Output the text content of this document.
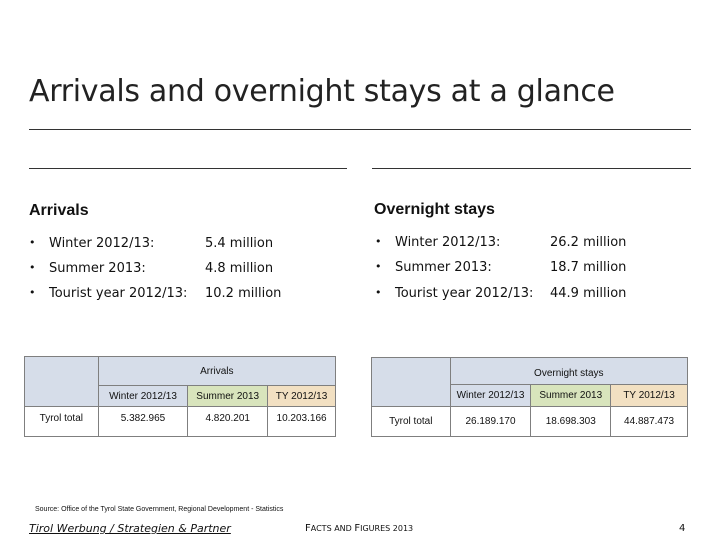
Arrivals and overnight stays at a glance
Arrivals
• Winter 2012/13:	5.4 million
• Summer 2013:	4.8 million
• Tourist year 2012/13: 10.2 million
Overnight stays
• Winter 2012/13:	26.2 million
• Summer 2013:	18.7 million
• Tourist year 2012/13: 44.9 million
	Arrivals		
	Winter 2012/13	Summer 2013	TY 2012/13
Tyrol total	5.382.965	4.820.201	10.203.166
	Overnight stays		
	Winter 2012/13	Summer 2013	TY 2012/13
Tyrol total	26.189.170	18.698.303	44.887.473
Source: Office of the Tyrol State Government, Regional Development - Statistics
Tirol Werbung / Strategien & Partner	FACTS AND FIGURES 2013	4
